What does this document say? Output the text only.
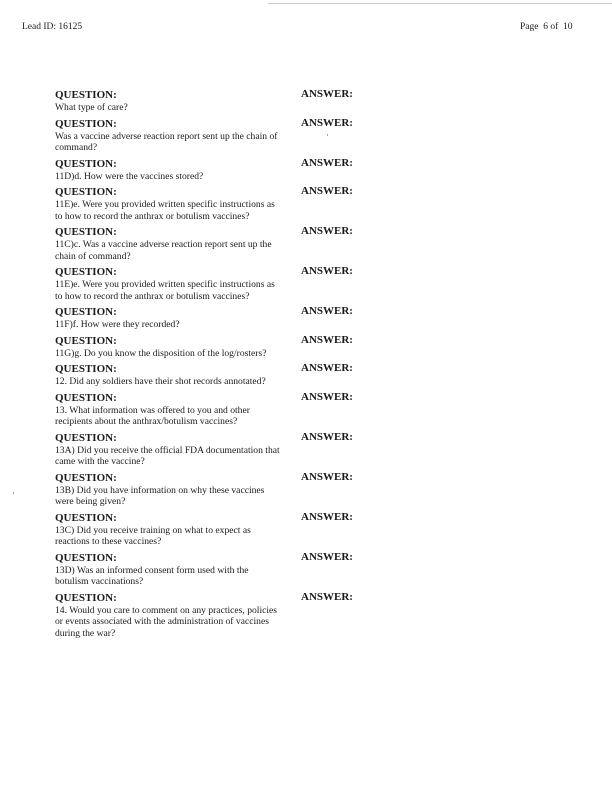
Lead ID: 16125	Page 6 of 10
QUESTION:	ANSWER:
What type of care?
QUESTION:	ANSWER:
Was a vaccine adverse reaction report sent up the chain of command?
QUESTION:	ANSWER:
11D)d. How were the vaccines stored?
QUESTION:	ANSWER:
11E)e. Were you provided written specific instructions as to how to record the anthrax or botulism vaccines?
QUESTION:	ANSWER:
11C)c. Was a vaccine adverse reaction report sent up the chain of command?
QUESTION:	ANSWER:
11E)e. Were you provided written specific instructions as to how to record the anthrax or botulism vaccines?
QUESTION:	ANSWER:
11F)f. How were they recorded?
QUESTION:	ANSWER:
11G)g. Do you know the disposition of the log/rosters?
QUESTION:	ANSWER:
12. Did any soldiers have their shot records annotated?
QUESTION:	ANSWER:
13. What information was offered to you and other recipients about the anthrax/botulism vaccines?
QUESTION:	ANSWER:
13A) Did you receive the official FDA documentation that came with the vaccine?
QUESTION:	ANSWER:
13B) Did you have information on why these vaccines were being given?
QUESTION:	ANSWER:
13C) Did you receive training on what to expect as reactions to these vaccines?
QUESTION:	ANSWER:
13D) Was an informed consent form used with the botulism vaccinations?
QUESTION:	ANSWER:
14. Would you care to comment on any practices, policies or events associated with the administration of vaccines during the war?
·
·
